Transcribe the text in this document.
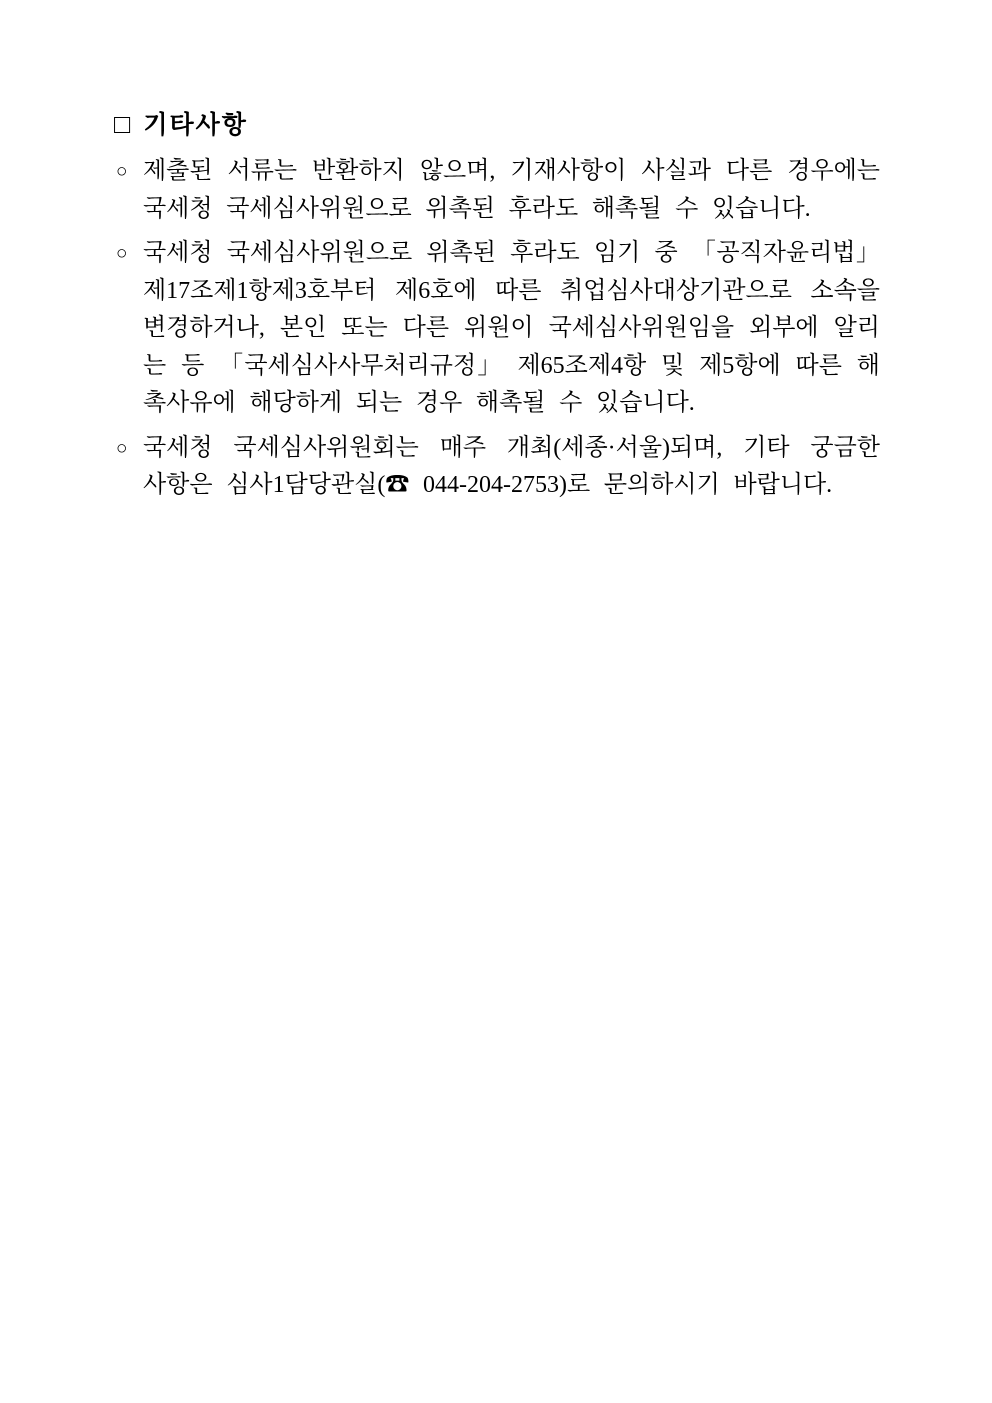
□ 기타사항
○ 제출된 서류는 반환하지 않으며, 기재사항이 사실과 다른 경우에는 국세청 국세심사위원으로 위촉된 후라도 해촉될 수 있습니다.
○ 국세청 국세심사위원으로 위촉된 후라도 임기 중 「공직자윤리법」 제17조제1항제3호부터 제6호에 따른 취업심사대상기관으로 소속을 변경하거나, 본인 또는 다른 위원이 국세심사위원임을 외부에 알리는 등 「국세심사사무처리규정」 제65조제4항 및 제5항에 따른 해촉사유에 해당하게 되는 경우 해촉될 수 있습니다.
○ 국세청 국세심사위원회는 매주 개최(세종·서울)되며, 기타 궁금한 사항은 심사1담당관실(☎ 044-204-2753)로 문의하시기 바랍니다.
